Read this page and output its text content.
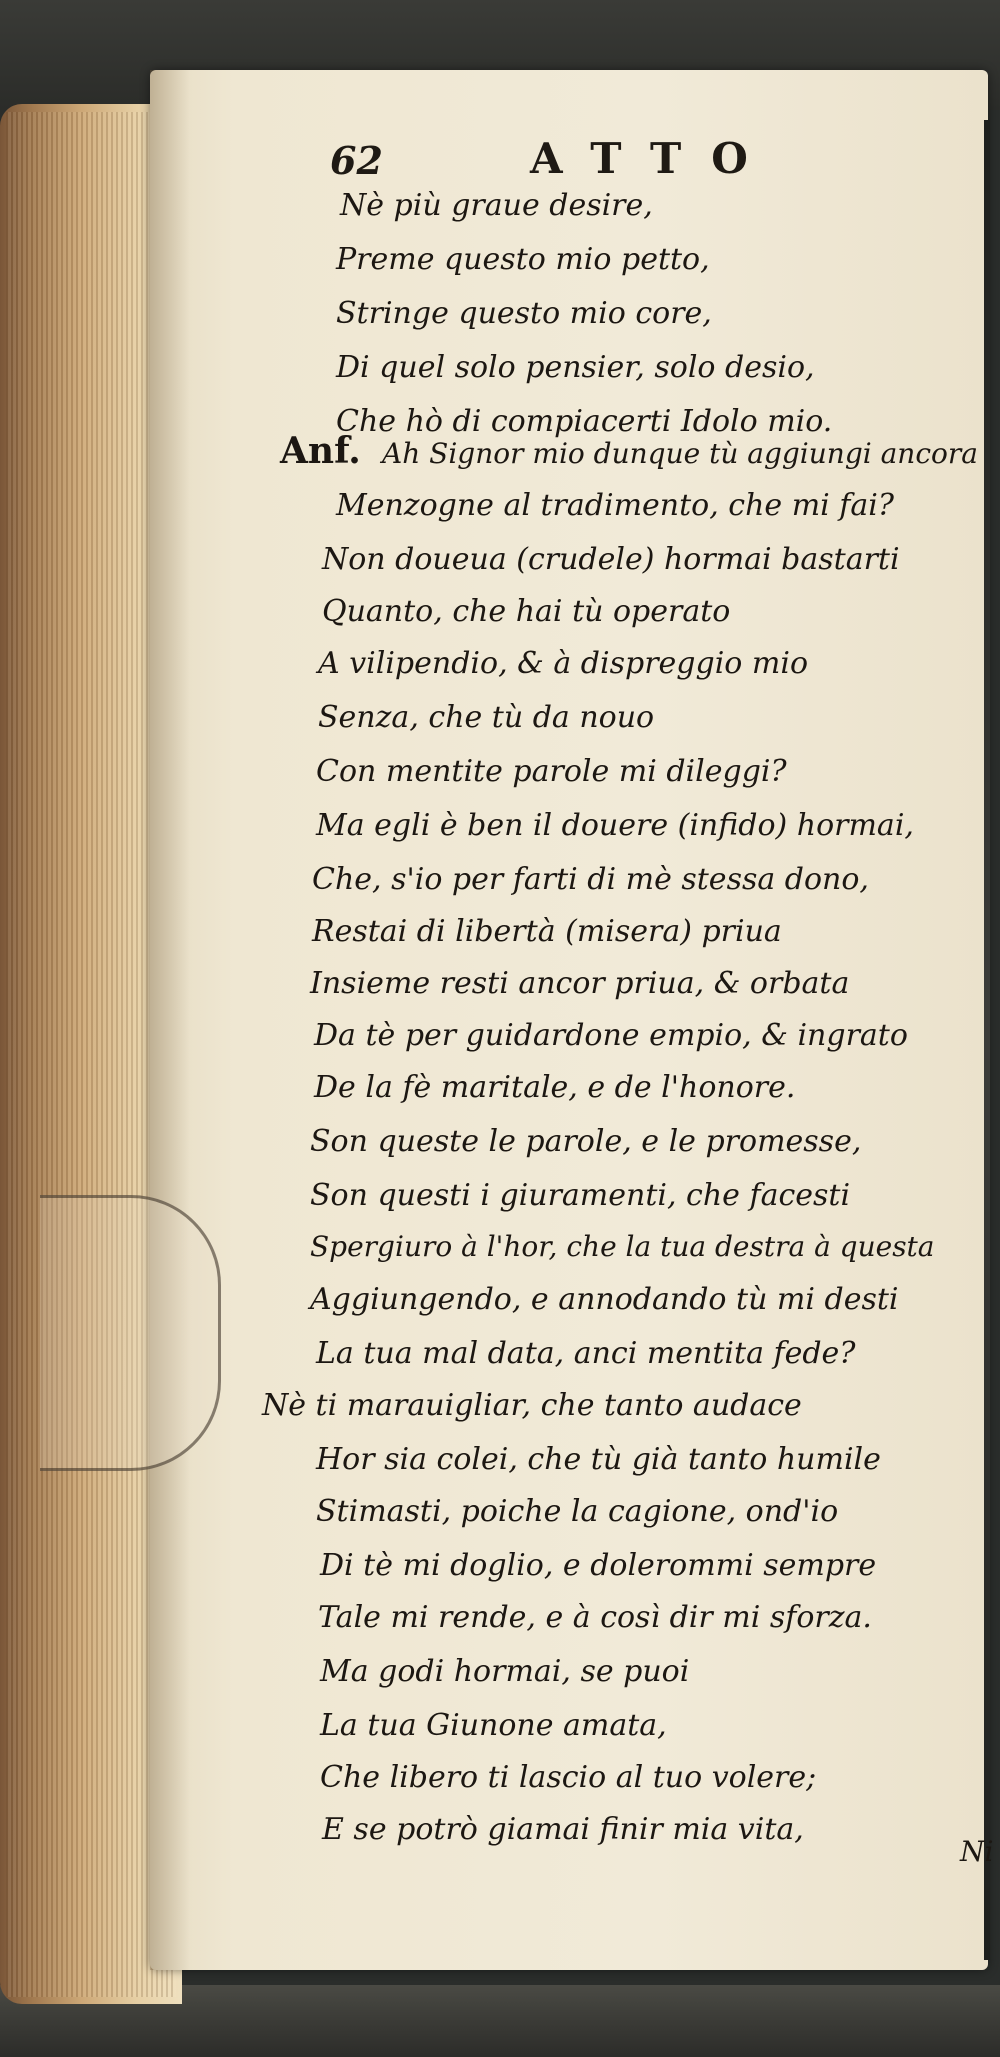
62	ATTO
Anf.
Nè più graue desire,
Preme questo mio petto,
Stringe questo mio core,
Di quel solo pensier, solo desio,
Che hò di compiacerti Idolo mio.
Ah Signor mio dunque tù aggiungi ancora
Menzogne al tradimento, che mi fai?
Non doueua (crudele) hormai bastarti
Quanto, che hai tù operato
A vilipendio, & à dispreggio mio
Senza, che tù da nouo
Con mentite parole mi dileggi?
Ma egli è ben il douere (infido) hormai,
Che, s'io per farti di mè stessa dono,
Restai di libertà (misera) priua
Insieme resti ancor priua, & orbata
Da tè per guidardone empio, & ingrato
De la fè maritale, e de l'honore.
Son queste le parole, e le promesse,
Son questi i giuramenti, che facesti
Spergiuro à l'hor, che la tua destra à questa
Aggiungendo, e annodando tù mi desti
La tua mal data, anci mentita fede?
Nè ti marauigliar, che tanto audace
Hor sia colei, che tù già tanto humile
Stimasti, poiche la cagione, ond'io
Di tè mi doglio, e dolerommi sempre
Tale mi rende, e à così dir mi sforza.
Ma godi hormai, se puoi
La tua Giunone amata,
Che libero ti lascio al tuo volere;
E se potrò giamai finir mia vita,
Ni
